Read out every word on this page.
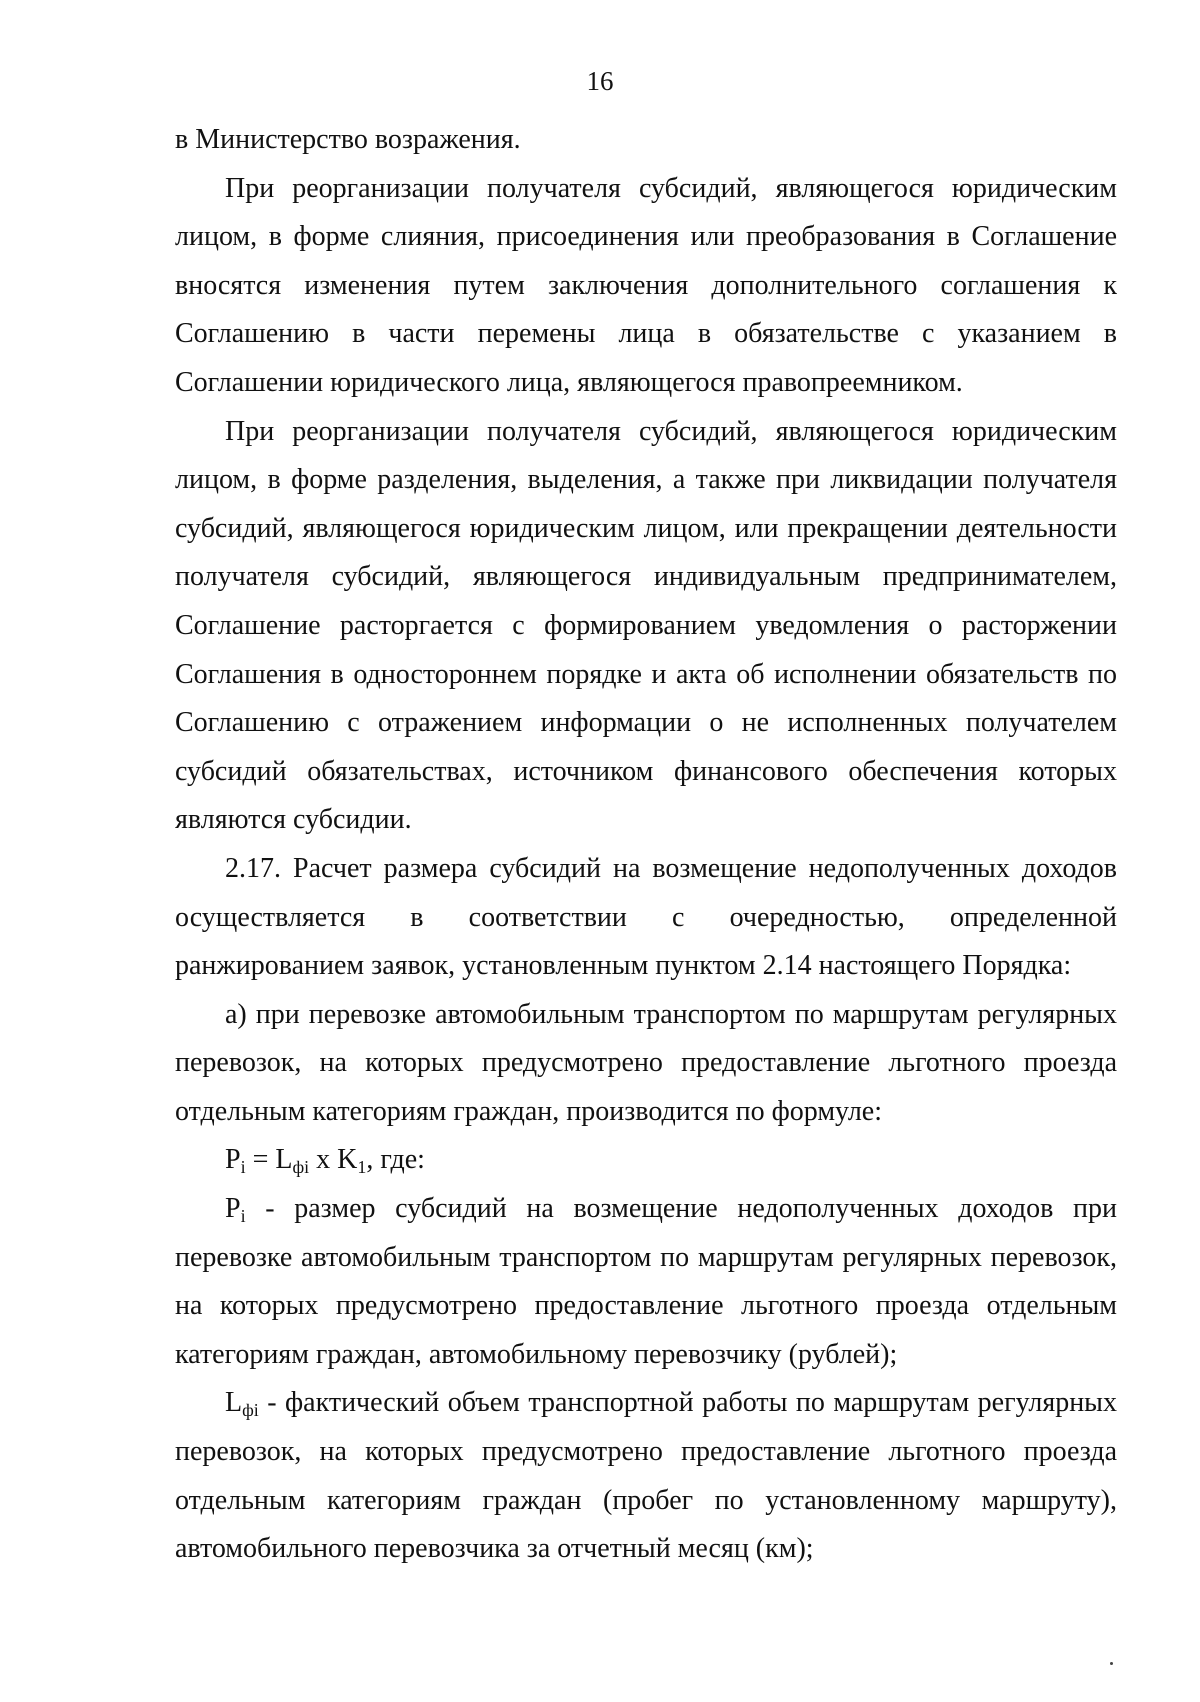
16

в Министерство возражения.

При реорганизации получателя субсидий, являющегося юридическим лицом, в форме слияния, присоединения или преобразования в Соглашение вносятся изменения путем заключения дополнительного соглашения к Соглашению в части перемены лица в обязательстве с указанием в Соглашении юридического лица, являющегося правопреемником.

При реорганизации получателя субсидий, являющегося юридическим лицом, в форме разделения, выделения, а также при ликвидации получателя субсидий, являющегося юридическим лицом, или прекращении деятельности получателя субсидий, являющегося индивидуальным предпринимателем, Соглашение расторгается с формированием уведомления о расторжении Соглашения в одностороннем порядке и акта об исполнении обязательств по Соглашению с отражением информации о не исполненных получателем субсидий обязательствах, источником финансового обеспечения которых являются субсидии.

2.17. Расчет размера субсидий на возмещение недополученных доходов осуществляется в соответствии с очередностью, определенной ранжированием заявок, установленным пунктом 2.14 настоящего Порядка:

а) при перевозке автомобильным транспортом по маршрутам регулярных перевозок, на которых предусмотрено предоставление льготного проезда отдельным категориям граждан, производится по формуле:

$P_i = L_{фi}$ х $K_1$, где:

$P_i$ - размер субсидий на возмещение недополученных доходов при перевозке автомобильным транспортом по маршрутам регулярных перевозок, на которых предусмотрено предоставление льготного проезда отдельным категориям граждан, автомобильному перевозчику (рублей);

$L_{фi}$ - фактический объем транспортной работы по маршрутам регулярных перевозок, на которых предусмотрено предоставление льготного проезда отдельным категориям граждан (пробег по установленному маршруту), автомобильного перевозчика за отчетный месяц (км);
